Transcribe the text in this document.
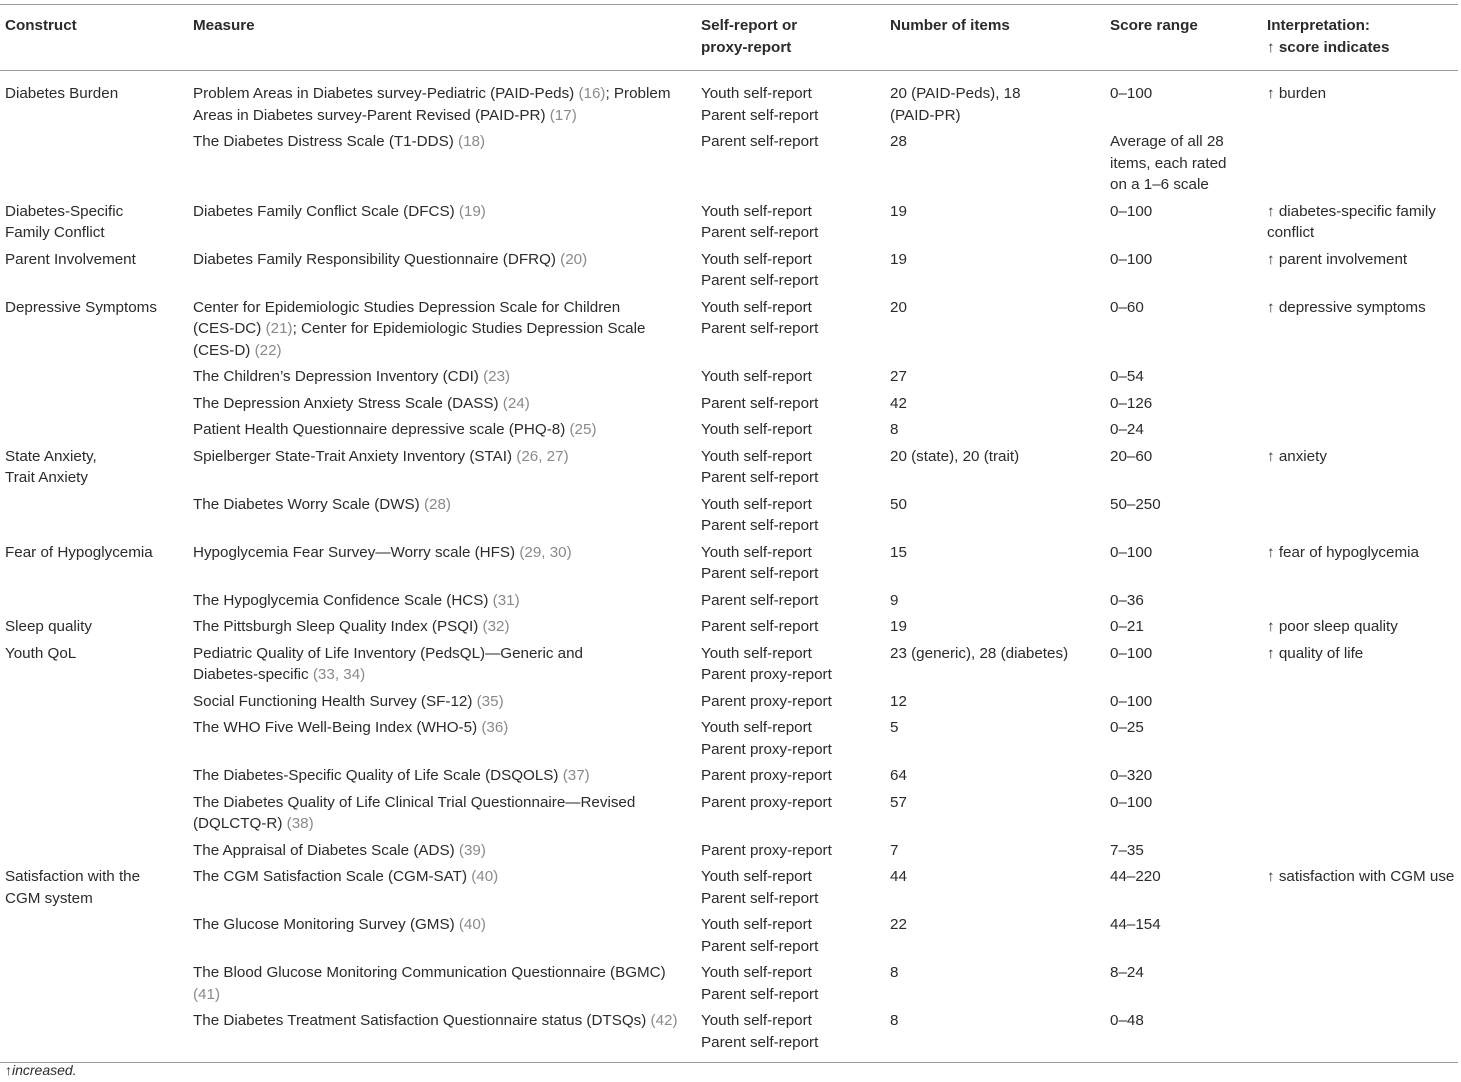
Construct	Measure	Self-report or
proxy-report	Number of items	Score range	Interpretation:
↑ score indicates

Diabetes Burden	Problem Areas in Diabetes survey-Pediatric (PAID-Peds) (16); Problem
Areas in Diabetes survey-Parent Revised (PAID-PR) (17)	Youth self-report
Parent self-report	20 (PAID-Peds), 18
(PAID-PR)	0–100	↑ burden

	The Diabetes Distress Scale (T1-DDS) (18)	Parent self-report	28	Average of all 28
items, each rated
on a 1–6 scale	

Diabetes-Specific
Family Conflict	Diabetes Family Conflict Scale (DFCS) (19)	Youth self-report
Parent self-report	19	0–100	↑ diabetes-specific family
conflict

Parent Involvement	Diabetes Family Responsibility Questionnaire (DFRQ) (20)	Youth self-report
Parent self-report	19	0–100	↑ parent involvement

Depressive Symptoms	Center for Epidemiologic Studies Depression Scale for Children
(CES-DC) (21); Center for Epidemiologic Studies Depression Scale
(CES-D) (22)	Youth self-report
Parent self-report	20	0–60	↑ depressive symptoms

	The Children’s Depression Inventory (CDI) (23)	Youth self-report	27	0–54	

	The Depression Anxiety Stress Scale (DASS) (24)	Parent self-report	42	0–126	

	Patient Health Questionnaire depressive scale (PHQ-8) (25)	Youth self-report	8	0–24	

State Anxiety,
Trait Anxiety	Spielberger State-Trait Anxiety Inventory (STAI) (26, 27)	Youth self-report
Parent self-report	20 (state), 20 (trait)	20–60	↑ anxiety

	The Diabetes Worry Scale (DWS) (28)	Youth self-report
Parent self-report	50	50–250	

Fear of Hypoglycemia	Hypoglycemia Fear Survey—Worry scale (HFS) (29, 30)	Youth self-report
Parent self-report	15	0–100	↑ fear of hypoglycemia

	The Hypoglycemia Confidence Scale (HCS) (31)	Parent self-report	9	0–36	

Sleep quality	The Pittsburgh Sleep Quality Index (PSQI) (32)	Parent self-report	19	0–21	↑ poor sleep quality

Youth QoL	Pediatric Quality of Life Inventory (PedsQL)—Generic and
Diabetes-specific (33, 34)	Youth self-report
Parent proxy-report	23 (generic), 28 (diabetes)	0–100	↑ quality of life

	Social Functioning Health Survey (SF-12) (35)	Parent proxy-report	12	0–100	

	The WHO Five Well-Being Index (WHO-5) (36)	Youth self-report
Parent proxy-report	5	0–25	

	The Diabetes-Specific Quality of Life Scale (DSQOLS) (37)	Parent proxy-report	64	0–320	

	The Diabetes Quality of Life Clinical Trial Questionnaire—Revised
(DQLCTQ-R) (38)	Parent proxy-report	57	0–100	

	The Appraisal of Diabetes Scale (ADS) (39)	Parent proxy-report	7	7–35	

Satisfaction with the
CGM system	The CGM Satisfaction Scale (CGM-SAT) (40)	Youth self-report
Parent self-report	44	44–220	↑ satisfaction with CGM use

	The Glucose Monitoring Survey (GMS) (40)	Youth self-report
Parent self-report	22	44–154	

	The Blood Glucose Monitoring Communication Questionnaire (BGMC)
(41)	Youth self-report
Parent self-report	8	8–24	

	The Diabetes Treatment Satisfaction Questionnaire status (DTSQs) (42)	Youth self-report
Parent self-report	8	0–48	

↑increased.
